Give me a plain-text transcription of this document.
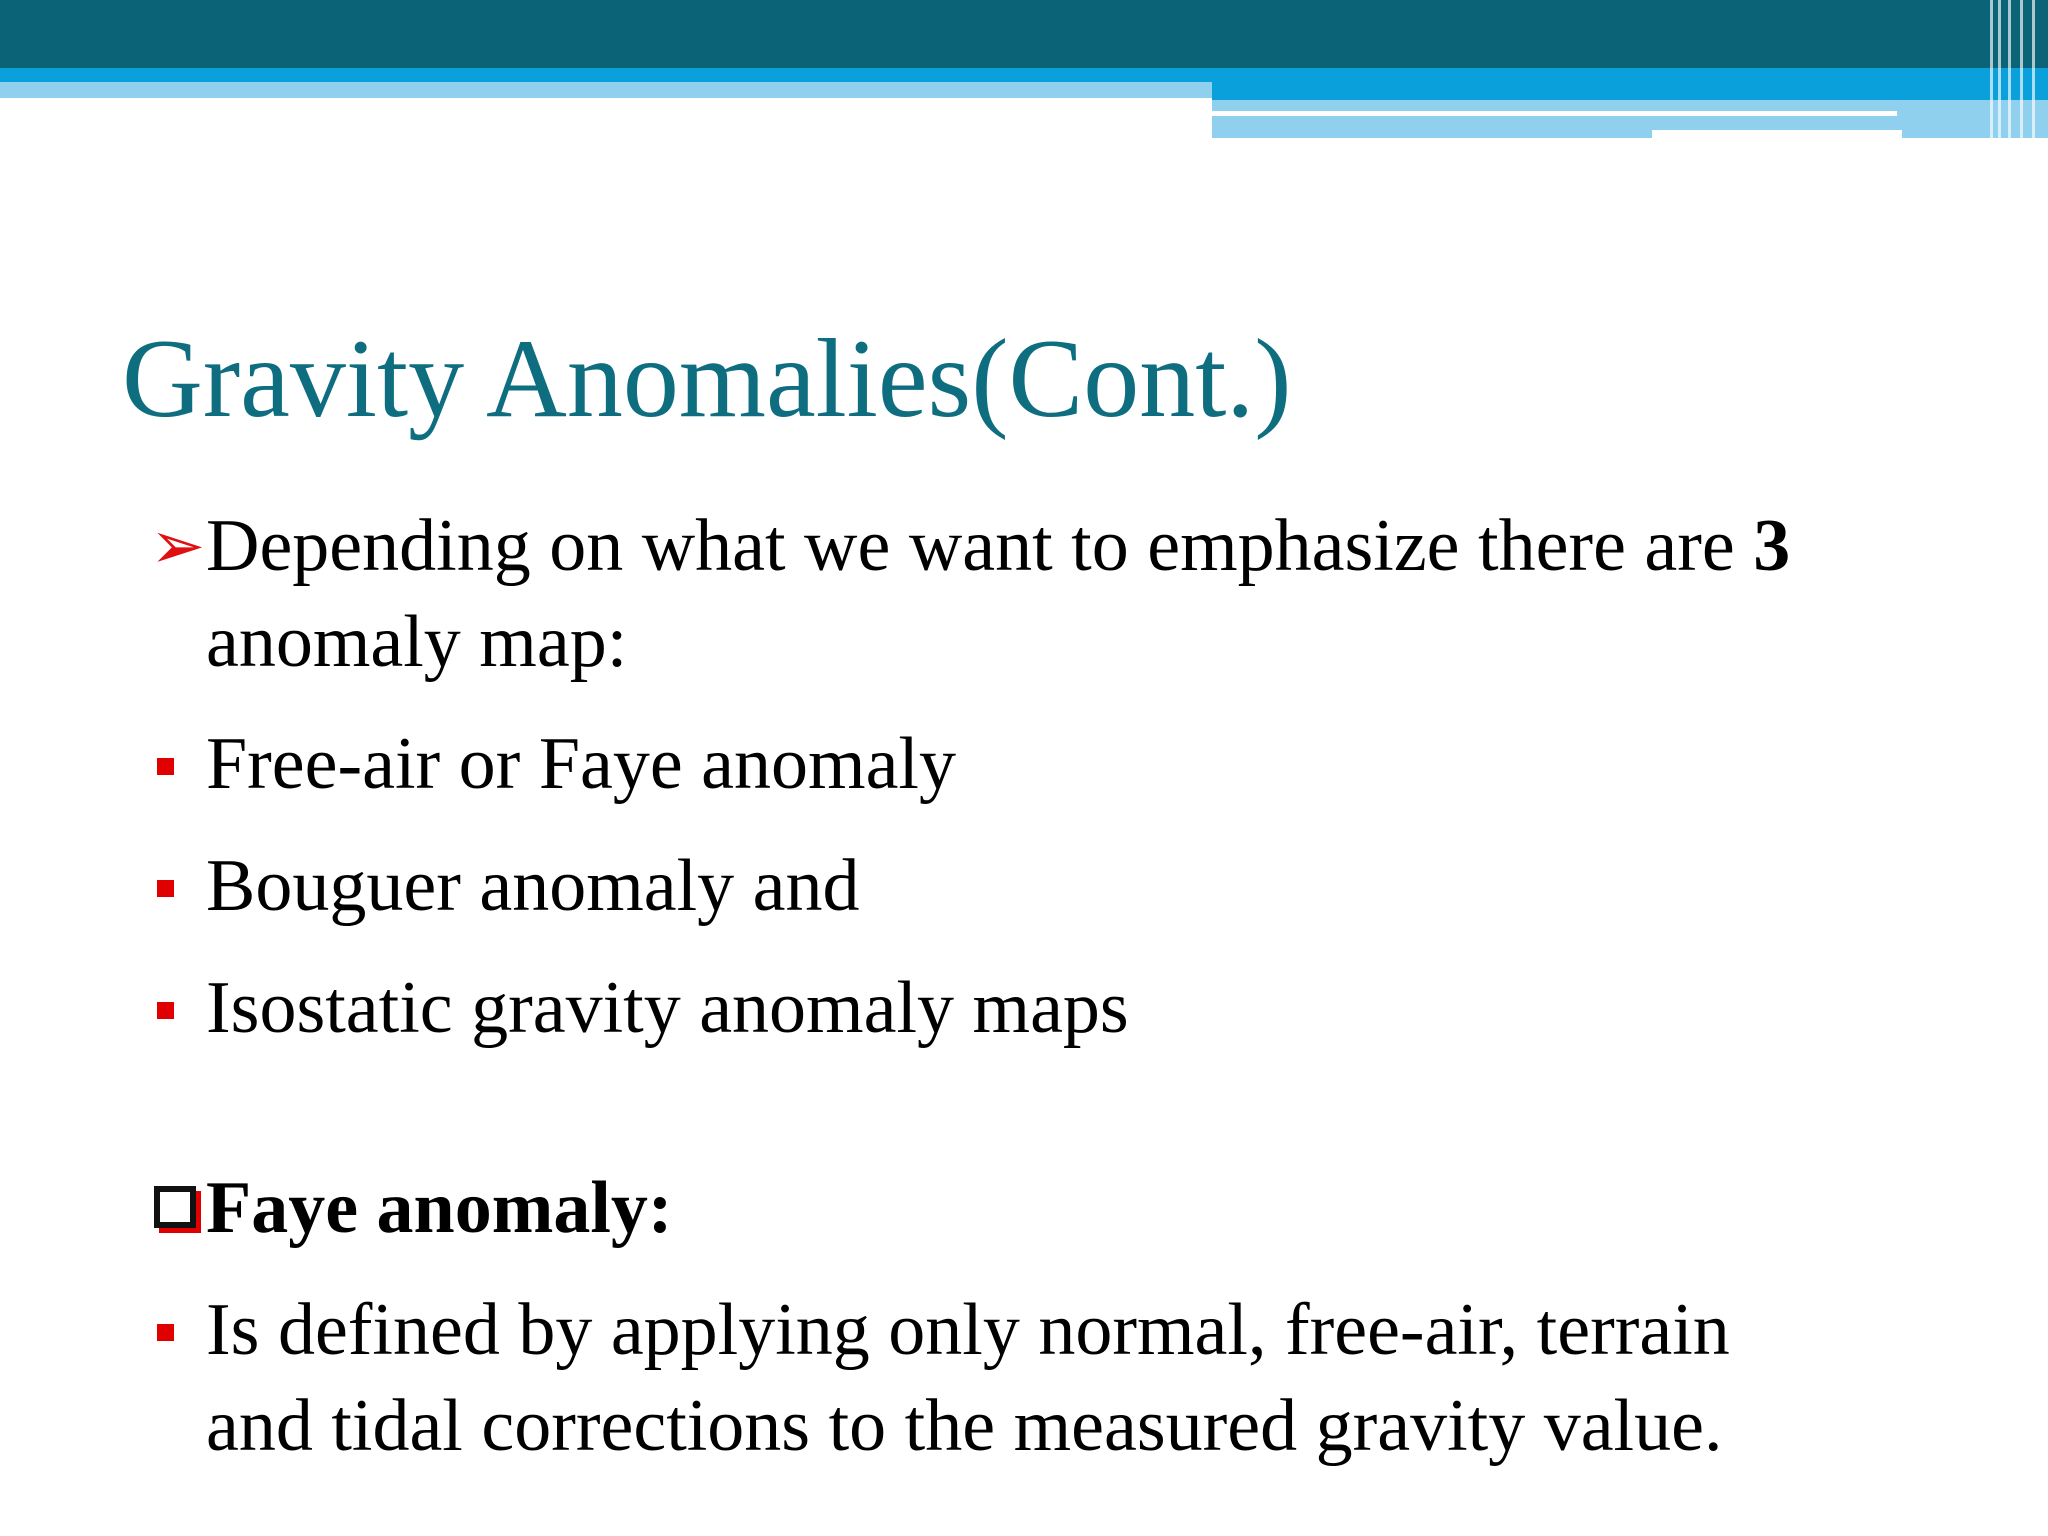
Gravity Anomalies(Cont.)
➢ Depending on what we want to emphasize there are 3
anomaly map:
Free-air or Faye anomaly
Bouguer anomaly and
Isostatic gravity anomaly maps
Faye anomaly:
Is defined by applying only normal, free-air, terrain
and tidal corrections to the measured gravity value.
